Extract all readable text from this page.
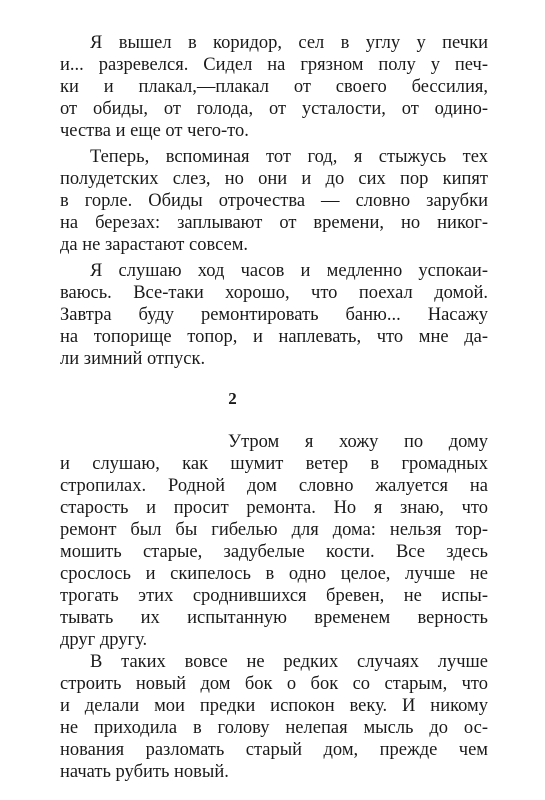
Я вышел в коридор, сел в углу у печки
и... разревелся. Сидел на грязном полу у печ-
ки и плакал,—плакал от своего бессилия,
от обиды, от голода, от усталости, от одино-
чества и еще от чего-то.
Теперь, вспоминая тот год, я стыжусь тех
полудетских слез, но они и до сих пор кипят
в горле. Обиды отрочества — словно зарубки
на березах: заплывают от времени, но никог-
да не зарастают совсем.
Я слушаю ход часов и медленно успокаи-
ваюсь. Все-таки хорошо, что поехал домой.
Завтра буду ремонтировать баню... Насажу
на топорище топор, и наплевать, что мне да-
ли зимний отпуск.
2
Утром я хожу по дому
и слушаю, как шумит ветер в громадных
стропилах. Родной дом словно жалуется на
старость и просит ремонта. Но я знаю, что
ремонт был бы гибелью для дома: нельзя тор-
мошить старые, задубелые кости. Все здесь
срослось и скипелось в одно целое, лучше не
трогать этих сроднившихся бревен, не испы-
тывать их испытанную временем верность
друг другу.
В таких вовсе не редких случаях лучше
строить новый дом бок о бок со старым, что
и делали мои предки испокон веку. И никому
не приходила в голову нелепая мысль до ос-
нования разломать старый дом, прежде чем
начать рубить новый.
